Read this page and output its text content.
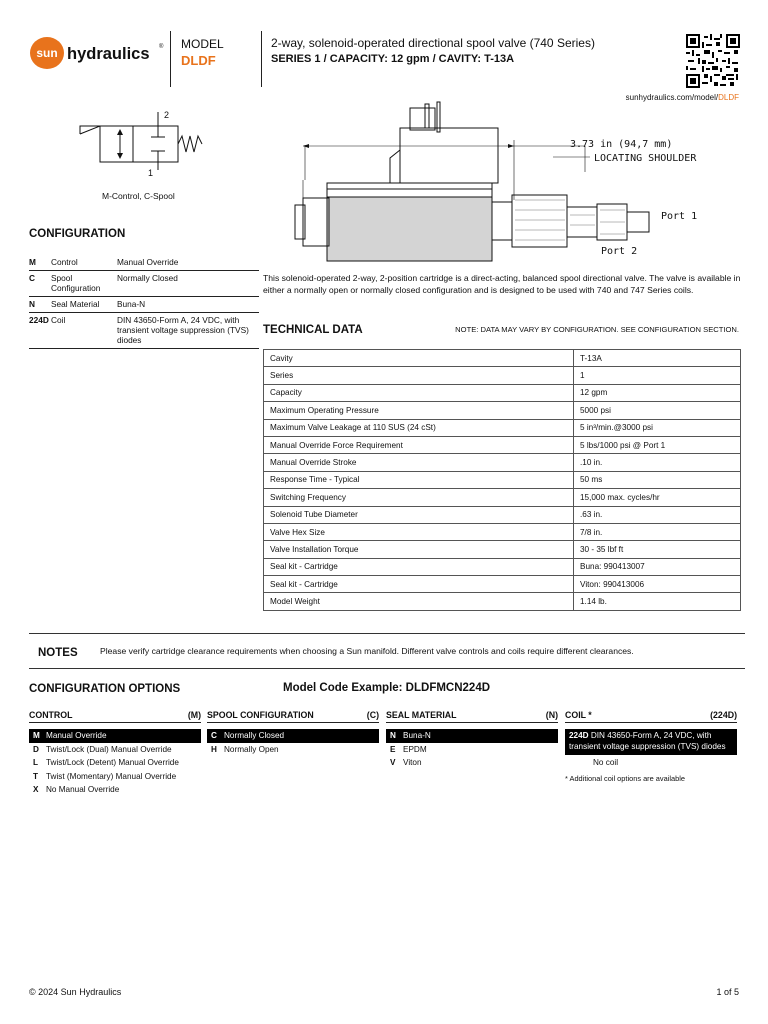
sun hydraulics ® MODEL
DLDF
2-way, solenoid-operated directional spool valve (740 Series)
SERIES 1 / CAPACITY: 12 gpm / CAVITY: T-13A
sunhydraulics.com/model/DLDF
2
1
M-Control, C-Spool
3.73 in (94,7 mm)
LOCATING SHOULDER
Port 1
Port 2
CONFIGURATION
M	Control	Manual Override
C	Spool Configuration	Normally Closed
N	Seal Material	Buna-N
224D	Coil	DIN 43650-Form A, 24 VDC, with transient voltage suppression (TVS) diodes
This solenoid-operated 2-way, 2-position cartridge is a direct-acting, balanced spool directional valve. The valve is available in either a normally open or normally closed configuration and is designed to be used with 740 and 747 Series coils.
TECHNICAL DATA	NOTE: DATA MAY VARY BY CONFIGURATION. SEE CONFIGURATION SECTION.
Cavity	T-13A
Series	1
Capacity	12 gpm
Maximum Operating Pressure	5000 psi
Maximum Valve Leakage at 110 SUS (24 cSt)	5 in³/min.@3000 psi
Manual Override Force Requirement	5 lbs/1000 psi @ Port 1
Manual Override Stroke	.10 in.
Response Time - Typical	50 ms
Switching Frequency	15,000 max. cycles/hr
Solenoid Tube Diameter	.63 in.
Valve Hex Size	7/8 in.
Valve Installation Torque	30 - 35 lbf ft
Seal kit - Cartridge	Buna: 990413007
Seal kit - Cartridge	Viton: 990413006
Model Weight	1.14 lb.
NOTES	Please verify cartridge clearance requirements when choosing a Sun manifold. Different valve controls and coils require different clearances.
CONFIGURATION OPTIONS	Model Code Example: DLDFMCN224D
CONTROL	(M)
M Manual Override
D Twist/Lock (Dual) Manual Override
L Twist/Lock (Detent) Manual Override
T Twist (Momentary) Manual Override
X No Manual Override
SPOOL CONFIGURATION	(C)
C Normally Closed
H Normally Open
SEAL MATERIAL	(N)
N Buna-N
E EPDM
V Viton
COIL *	(224D)
224D DIN 43650-Form A, 24 VDC, with transient voltage suppression (TVS) diodes
No coil
* Additional coil options are available
© 2024 Sun Hydraulics	1 of 5
